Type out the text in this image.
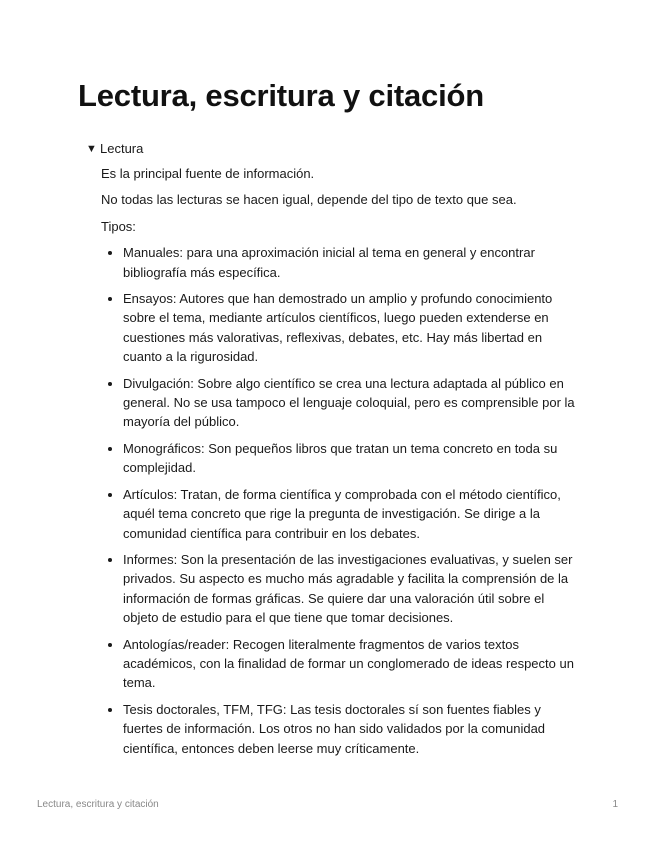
Lectura, escritura y citación
▼ Lectura

Es la principal fuente de información.

No todas las lecturas se hacen igual, depende del tipo de texto que sea.

Tipos:

• Manuales: para una aproximación inicial al tema en general y encontrar bibliografía más específica.
• Ensayos: Autores que han demostrado un amplio y profundo conocimiento sobre el tema, mediante artículos científicos, luego pueden extenderse en cuestiones más valorativas, reflexivas, debates, etc. Hay más libertad en cuanto a la rigurosidad.
• Divulgación: Sobre algo científico se crea una lectura adaptada al público en general. No se usa tampoco el lenguaje coloquial, pero es comprensible por la mayoría del público.
• Monográficos: Son pequeños libros que tratan un tema concreto en toda su complejidad.
• Artículos: Tratan, de forma científica y comprobada con el método científico, aquél tema concreto que rige la pregunta de investigación. Se dirige a la comunidad científica para contribuir en los debates.
• Informes: Son la presentación de las investigaciones evaluativas, y suelen ser privados. Su aspecto es mucho más agradable y facilita la comprensión de la información de formas gráficas. Se quiere dar una valoración útil sobre el objeto de estudio para el que tiene que tomar decisiones.
• Antologías/reader: Recogen literalmente fragmentos de varios textos académicos, con la finalidad de formar un conglomerado de ideas respecto un tema.
• Tesis doctorales, TFM, TFG: Las tesis doctorales sí son fuentes fiables y fuertes de información. Los otros no han sido validados por la comunidad científica, entonces deben leerse muy críticamente.
Lectura, escritura y citación	1
